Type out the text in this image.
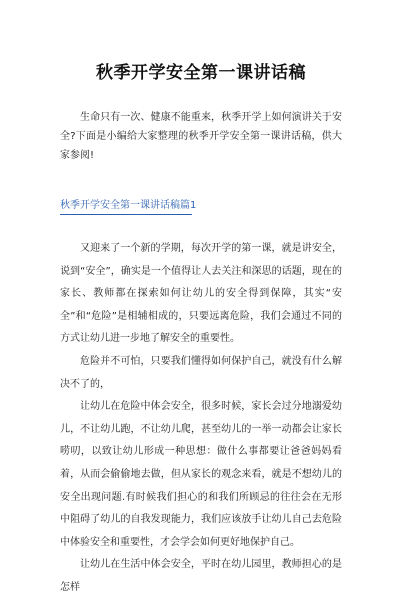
秋季开学安全第一课讲话稿

生命只有一次、健康不能重来，秋季开学上如何演讲关于安全?下面是小编给大家整理的秋季开学安全第一课讲话稿，供大家参阅!

秋季开学安全第一课讲话稿篇1

又迎来了一个新的学期，每次开学的第一课，就是讲安全，说到“安全”，确实是一个值得让人去关注和深思的话题，现在的家长、教师都在探索如何让幼儿的安全得到保障，其实“安全”和“危险”是相辅相成的，只要远离危险，我们会通过不同的方式让幼儿进一步地了解安全的重要性。

危险并不可怕，只要我们懂得如何保护自己，就没有什么解决不了的，

让幼儿在危险中体会安全，很多时候，家长会过分地溺爱幼儿，不让幼儿跑，不让幼儿爬，甚至幼儿的一举一动都会让家长唠叨，以致让幼儿形成一种思想：做什么事都要让爸爸妈妈看着，从而会偷偷地去做，但从家长的观念来看，就是不想幼儿的安全出现问题.有时候我们担心的和我们所顾忌的往往会在无形中阻碍了幼儿的自我发现能力，我们应该放手让幼儿自己去危险中体验安全和重要性，才会学会如何更好地保护自己。

让幼儿在生活中体会安全，平时在幼儿园里，教师担心的是怎样
